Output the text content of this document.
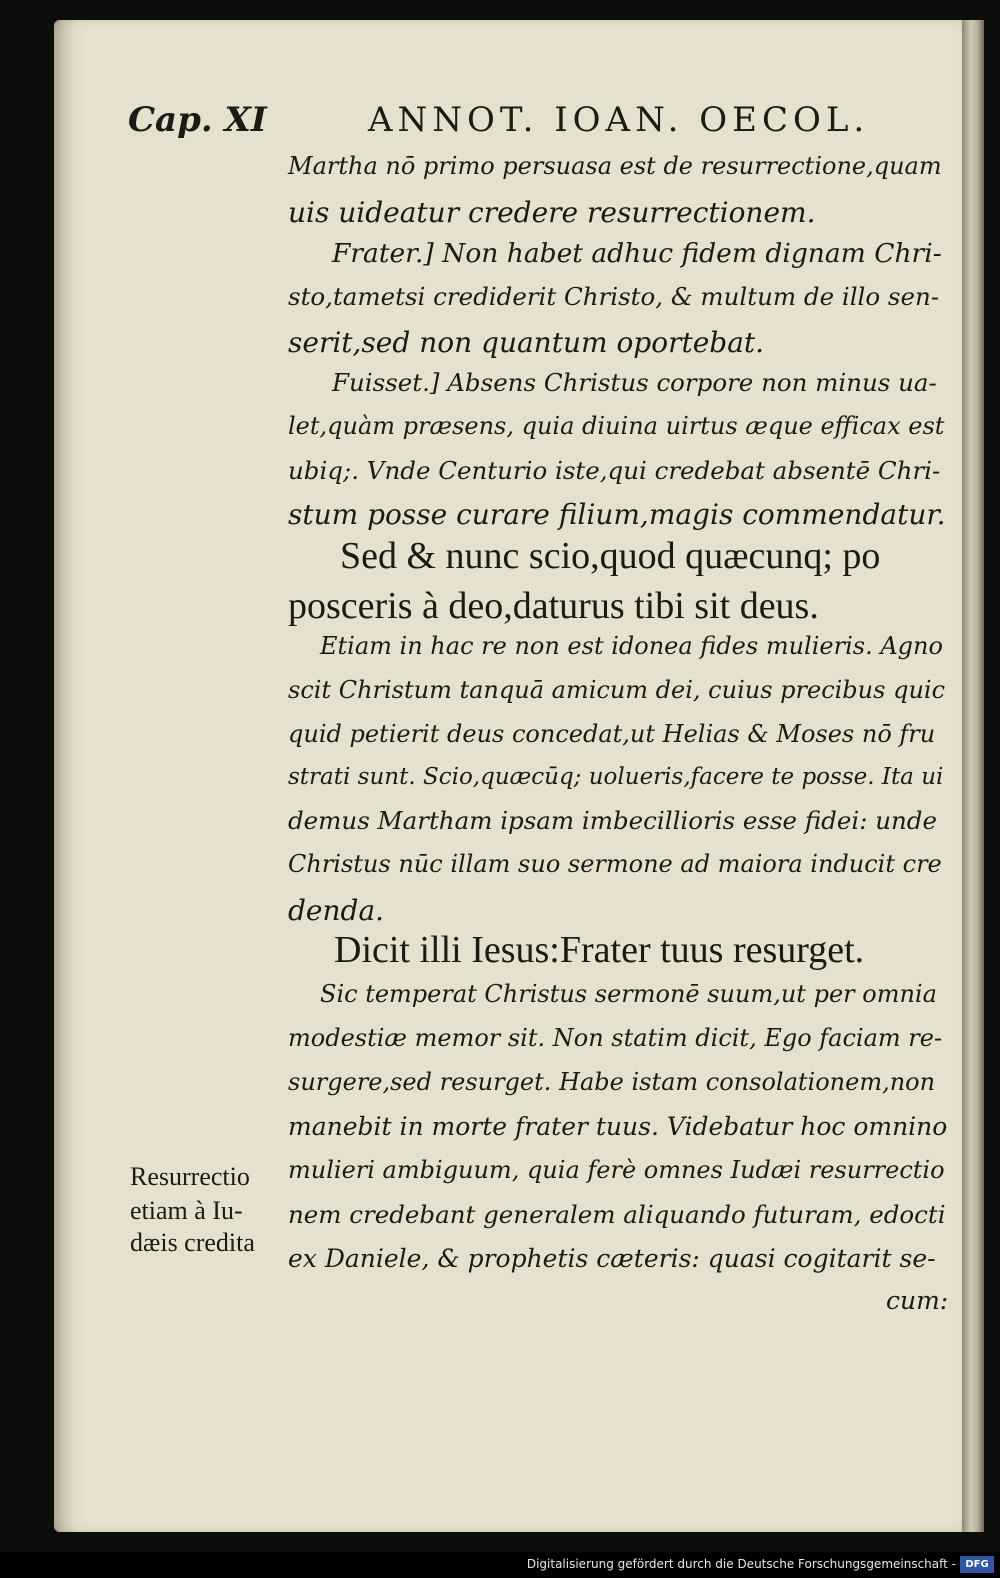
Cap. XI	ANNOT. IOAN. OECOL.
Martha nō primo persuasa est de resurrectione,quam
uis uideatur credere resurrectionem.
Frater.] Non habet adhuc fidem dignam Chri-
sto,tametsi crediderit Christo, & multum de illo sen-
serit,sed non quantum oportebat.
Fuisset.] Absens Christus corpore non minus ua-
let,quàm præsens, quia diuina uirtus æque efficax est
ubiq;. Vnde Centurio iste,qui credebat absentē Chri-
stum posse curare filium,magis commendatur.
Sed & nunc scio,quod quæcunq; po
posceris à deo,daturus tibi sit deus.
Etiam in hac re non est idonea fides mulieris. Agno
scit Christum tanquā amicum dei, cuius precibus quic
quid petierit deus concedat,ut Helias & Moses nō fru
strati sunt. Scio,quæcūq; uolueris,facere te posse. Ita ui
demus Martham ipsam imbecillioris esse fidei: unde
Christus nūc illam suo sermone ad maiora inducit cre
denda.
Dicit illi Iesus:Frater tuus resurget.
Sic temperat Christus sermonē suum,ut per omnia
modestiæ memor sit. Non statim dicit, Ego faciam re-
surgere,sed resurget. Habe istam consolationem,non
manebit in morte frater tuus. Videbatur hoc omnino
mulieri ambiguum, quia ferè omnes Iudæi resurrectio
nem credebant generalem aliquando futuram, edocti
ex Daniele, & prophetis cæteris: quasi cogitarit se-
cum:
Resurrectio
etiam à Iu-
dæis credita
Digitalisierung gefördert durch die Deutsche Forschungsgemeinschaft - DFG
